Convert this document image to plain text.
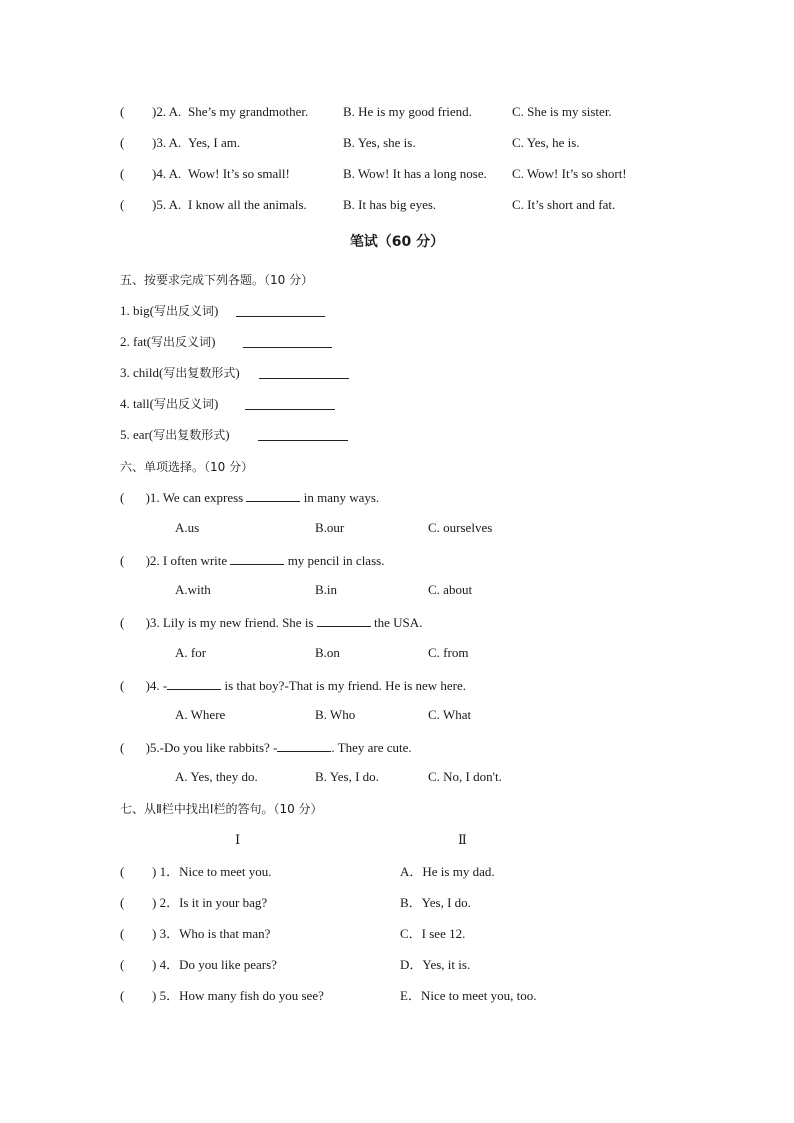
( )2. A. She’s my grandmother.	B. He is my good friend.	C. She is my sister.
( )3. A. Yes, I am.	B. Yes, she is.	C. Yes, he is.
( )4. A. Wow! It’s so small!	B. Wow! It has a long nose. C. Wow! It’s so short!
( )5. A. I know all the animals.	B. It has big eyes.	C. It’s short and fat.
笔试（60 分）
五、按要求完成下列各题。（10 分）
1. big(写出反义词)
2. fat(写出反义词)
3. child(写出复数形式)
4. tall(写出反义词)
5. ear(写出复数形式)
六、单项选择。（10 分）
( )1. We can express	in many ways.
A.us	B.our	C. ourselves
( )2. I often write	my pencil in class.
A.with	B.in	C. about
( )3. Lily is my new friend. She is	the USA.
A. for	B.on	C. from
( )4. -	is that boy?-That is my friend. He is new here.
A. Where	B. Who	C. What
( )5.-Do you like rabbits? -	. They are cute.
A. Yes, they do.	B. Yes, I do.	C. No, I don't.
七、从Ⅱ栏中找出Ⅰ栏的答句。（10 分）
Ⅰ	Ⅱ
( ) 1．Nice to meet you.	A．He is my dad.
( ) 2．Is it in your bag?	B．Yes, I do.
( ) 3．Who is that man?	C．I see 12.
( ) 4．Do you like pears?	D．Yes, it is.
( ) 5．How many fish do you see?	E．Nice to meet you, too.
